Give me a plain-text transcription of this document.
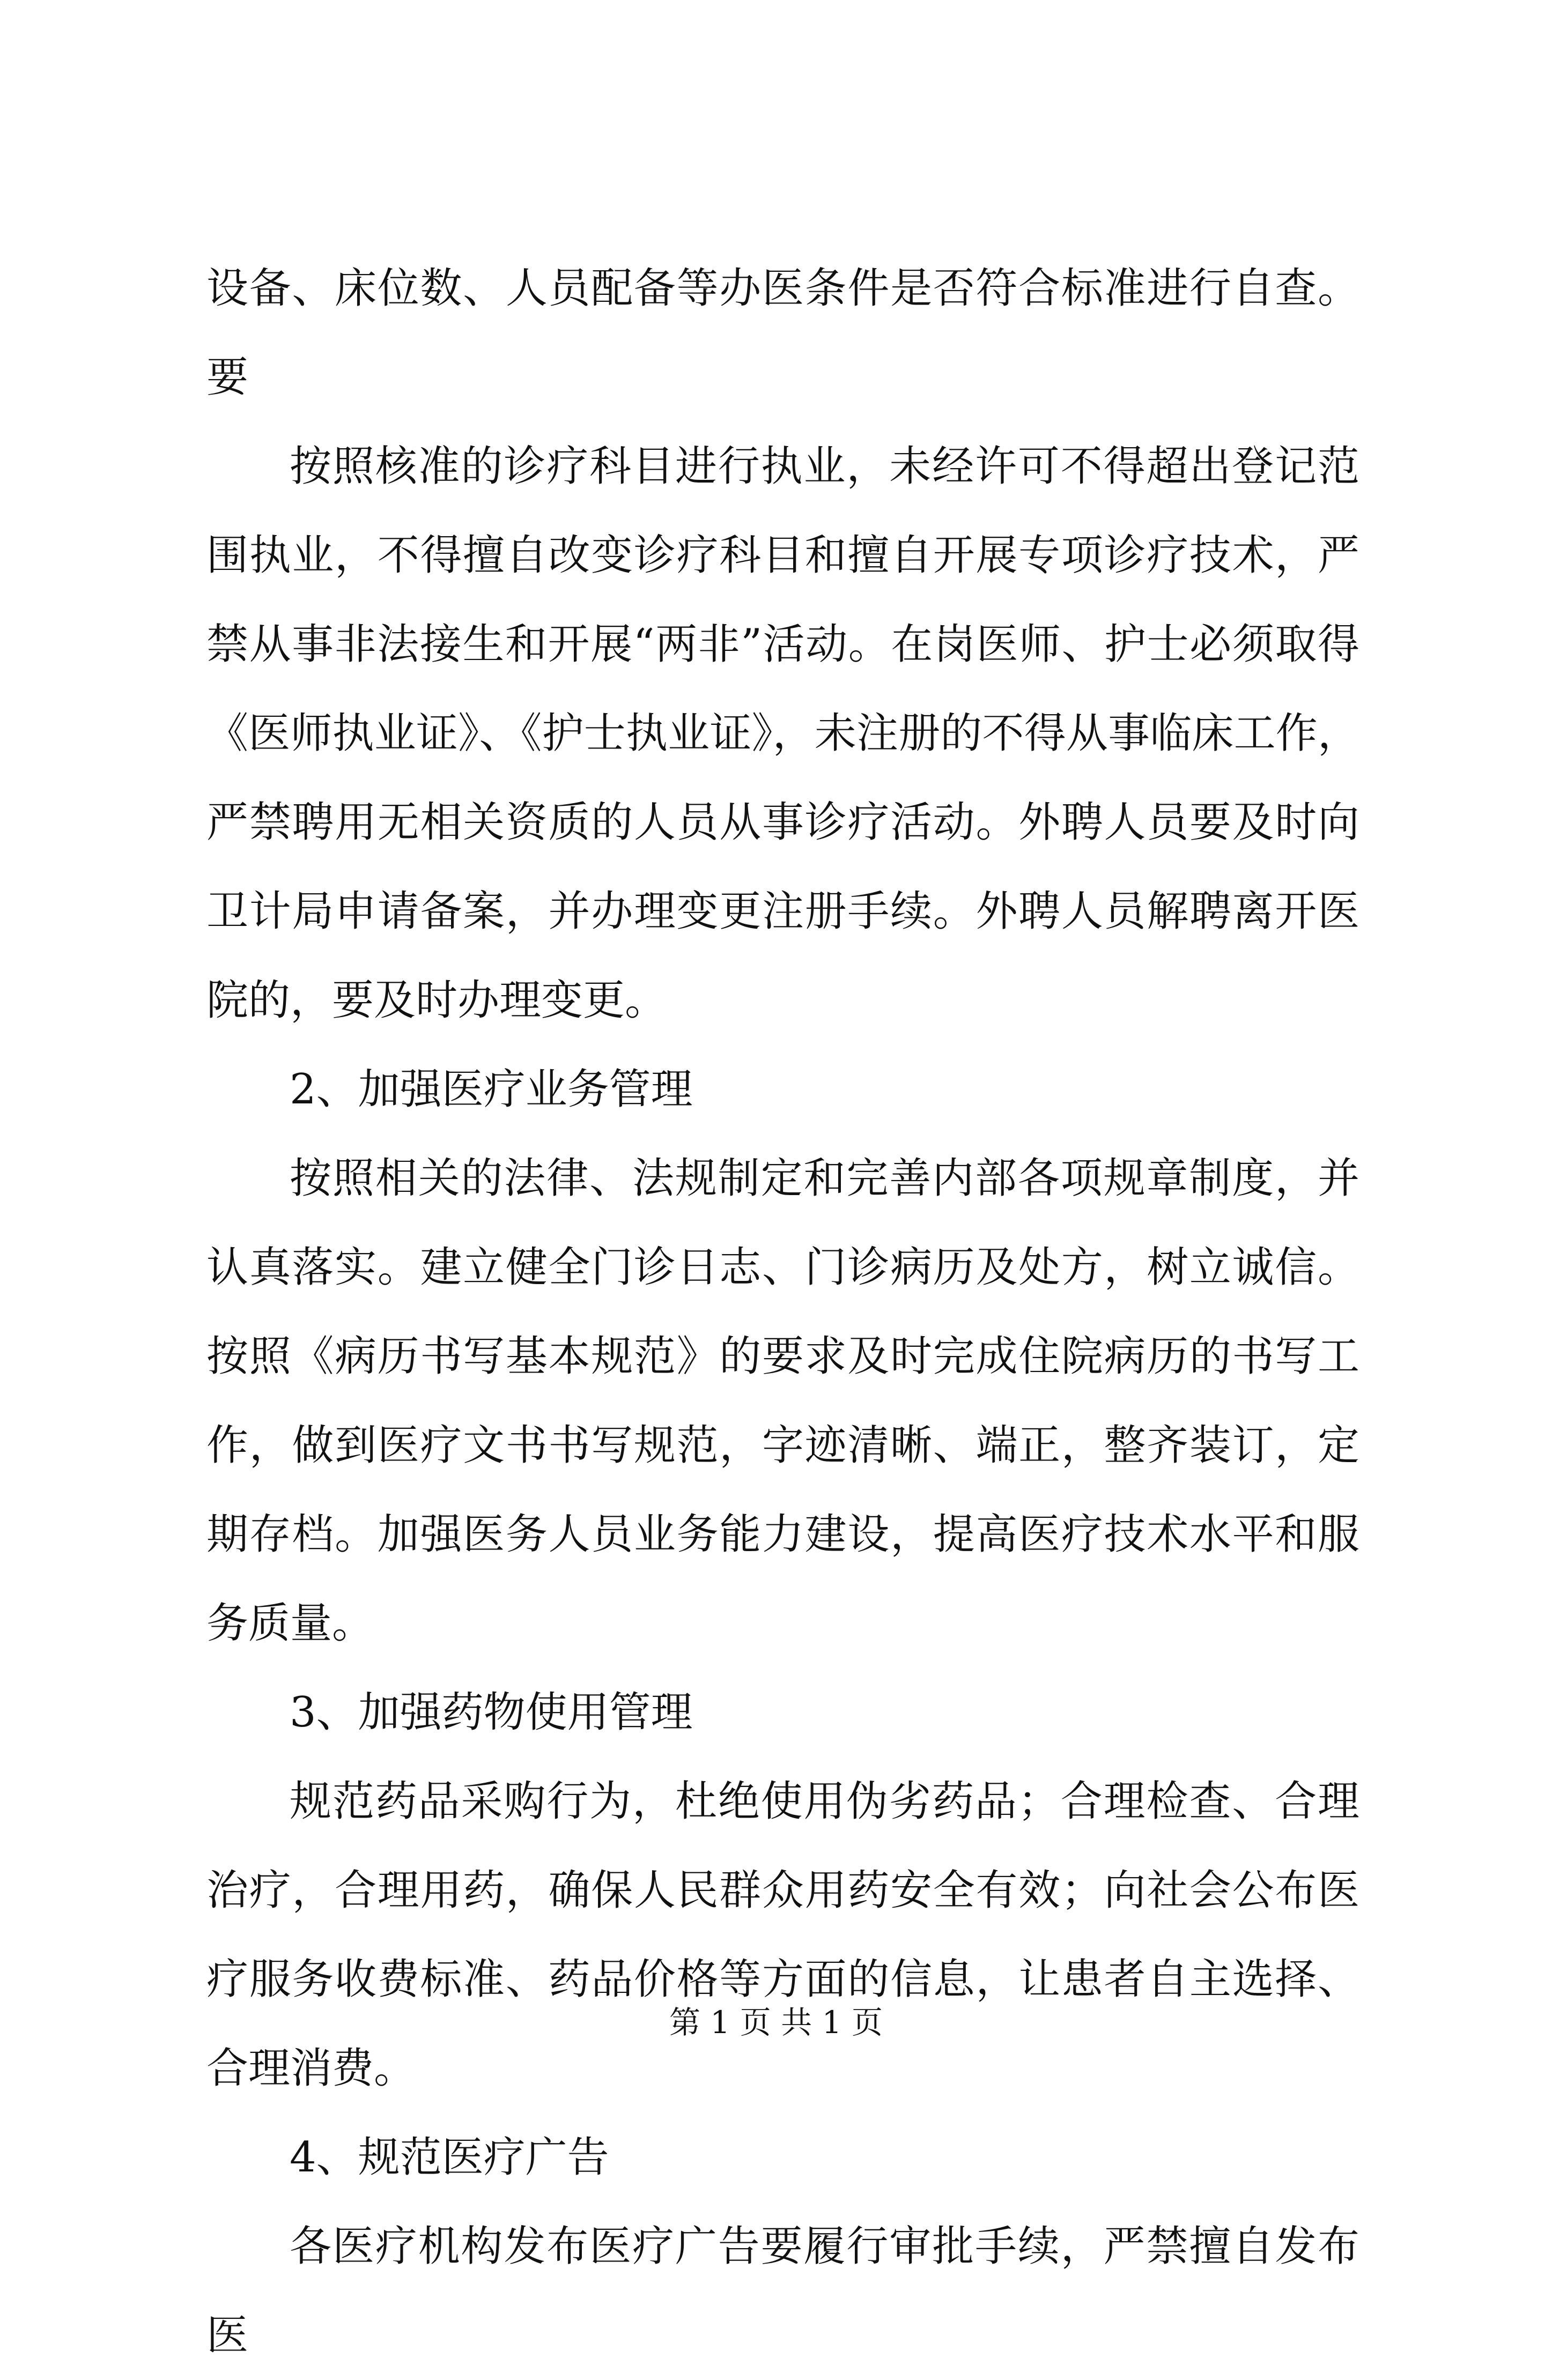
设备、床位数、人员配备等办医条件是否符合标准进行自查。要

按照核准的诊疗科目进行执业，未经许可不得超出登记范围执业，不得擅自改变诊疗科目和擅自开展专项诊疗技术，严禁从事非法接生和开展“两非”活动。在岗医师、护士必须取得《医师执业证》、《护士执业证》，未注册的不得从事临床工作，严禁聘用无相关资质的人员从事诊疗活动。外聘人员要及时向卫计局申请备案，并办理变更注册手续。外聘人员解聘离开医院的，要及时办理变更。

2、加强医疗业务管理

按照相关的法律、法规制定和完善内部各项规章制度，并认真落实。建立健全门诊日志、门诊病历及处方，树立诚信。按照《病历书写基本规范》的要求及时完成住院病历的书写工作，做到医疗文书书写规范，字迹清晰、端正，整齐装订，定期存档。加强医务人员业务能力建设，提高医疗技术水平和服务质量。

3、加强药物使用管理

规范药品采购行为，杜绝使用伪劣药品；合理检查、合理治疗，合理用药，确保人民群众用药安全有效；向社会公布医疗服务收费标准、药品价格等方面的信息，让患者自主选择、合理消费。

4、规范医疗广告

各医疗机构发布医疗广告要履行审批手续，严禁擅自发布医

第 1 页 共 1 页
